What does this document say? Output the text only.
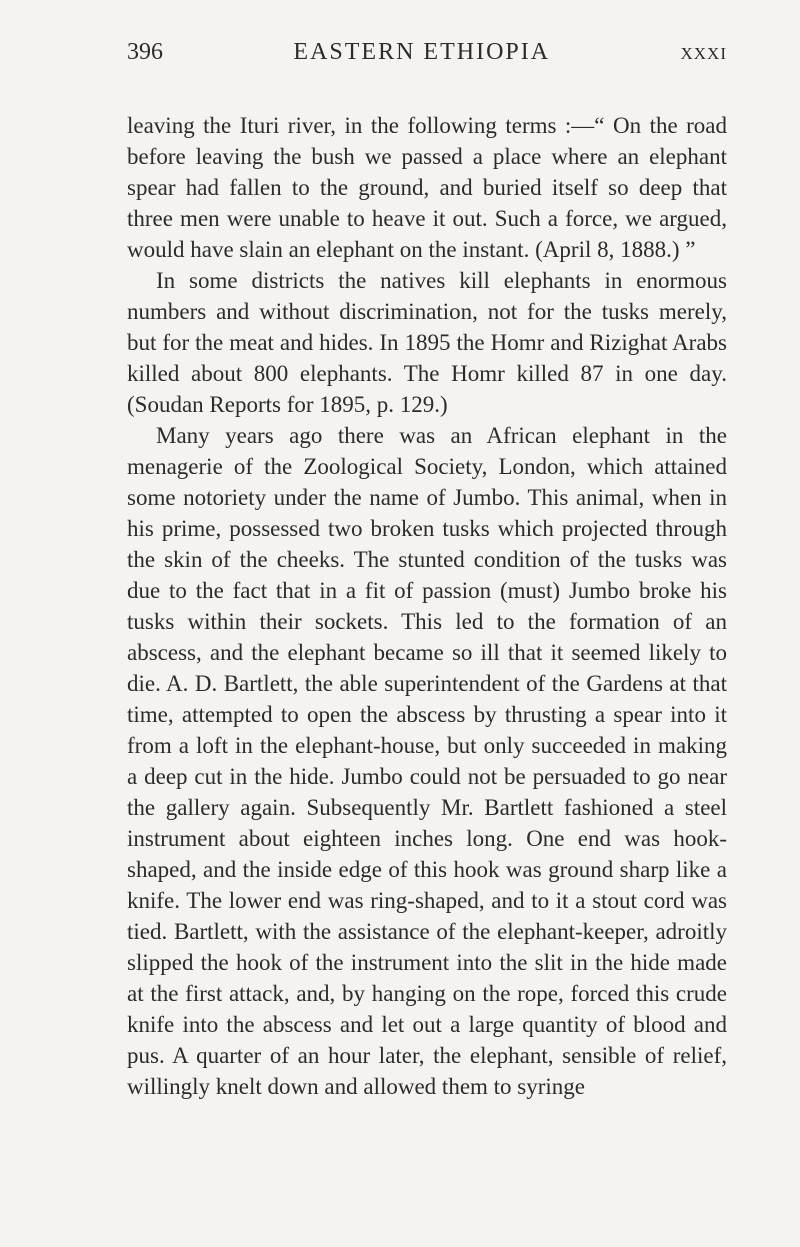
396	EASTERN ETHIOPIA	XXXI

leaving the Ituri river, in the following terms :—“ On the road before leaving the bush we passed a place where an elephant spear had fallen to the ground, and buried itself so deep that three men were unable to heave it out. Such a force, we argued, would have slain an elephant on the instant. (April 8, 1888.) ”

In some districts the natives kill elephants in enormous numbers and without discrimination, not for the tusks merely, but for the meat and hides. In 1895 the Homr and Rizighat Arabs killed about 800 elephants. The Homr killed 87 in one day. (Soudan Reports for 1895, p. 129.)

Many years ago there was an African elephant in the menagerie of the Zoological Society, London, which attained some notoriety under the name of Jumbo. This animal, when in his prime, possessed two broken tusks which projected through the skin of the cheeks. The stunted condition of the tusks was due to the fact that in a fit of passion (must) Jumbo broke his tusks within their sockets. This led to the formation of an abscess, and the elephant became so ill that it seemed likely to die. A. D. Bartlett, the able superintendent of the Gardens at that time, attempted to open the abscess by thrusting a spear into it from a loft in the elephant-house, but only succeeded in making a deep cut in the hide. Jumbo could not be persuaded to go near the gallery again. Subsequently Mr. Bartlett fashioned a steel instrument about eighteen inches long. One end was hook-shaped, and the inside edge of this hook was ground sharp like a knife. The lower end was ring-shaped, and to it a stout cord was tied. Bartlett, with the assistance of the elephant-keeper, adroitly slipped the hook of the instrument into the slit in the hide made at the first attack, and, by hanging on the rope, forced this crude knife into the abscess and let out a large quantity of blood and pus. A quarter of an hour later, the elephant, sensible of relief, willingly knelt down and allowed them to syringe
